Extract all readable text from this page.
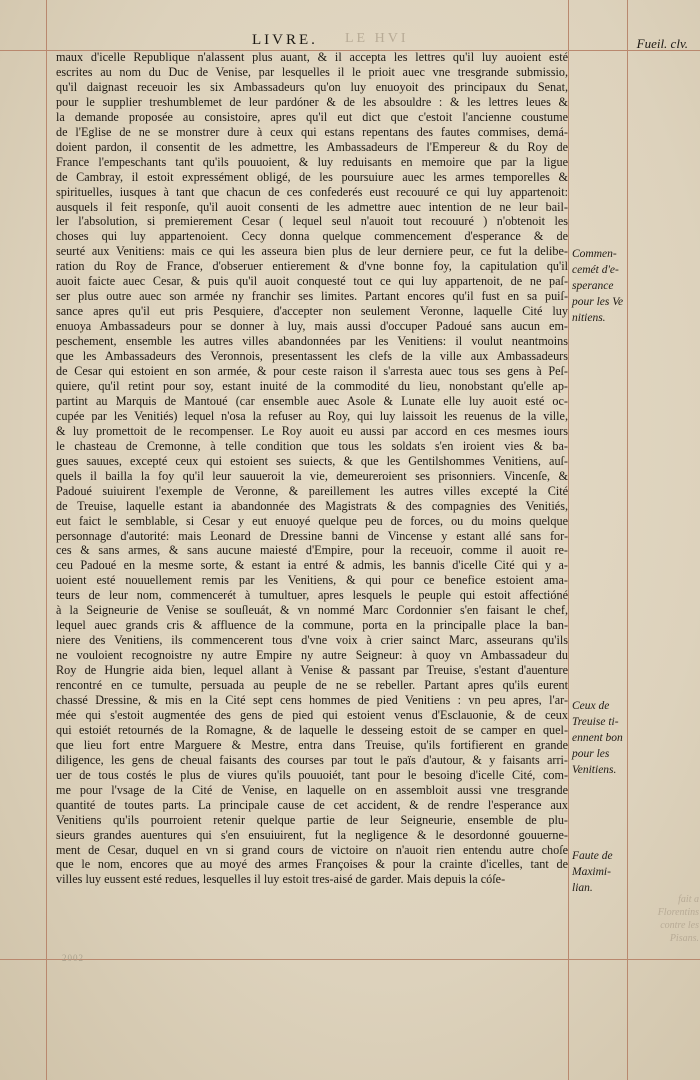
LE HVI
LIVRE.	Fueil. clv.
maux d'icelle Republique n'alassent plus auant, & il accepta les lettres qu'il luy auoient esté
escrites au nom du Duc de Venise, par lesquelles il le prioit auec vne tresgrande submissio,
qu'il daignast receuoir les six Ambassadeurs qu'on luy enuoyoit des principaux du Senat,
pour le supplier treshumblemet de leur pardóner & de les absouldre : & les lettres leues &
la demande proposée au consistoire, apres qu'il eut dict que c'estoit l'ancienne coustume
de l'Eglise de ne se monstrer dure à ceux qui estans repentans des fautes commises, demá-
doient pardon, il consentit de les admettre, les Ambassadeurs de l'Empereur & du Roy de
France l'empeschants tant qu'ils pouuoient, & luy reduisants en memoire que par la ligue
de Cambray, il estoit expressément obligé, de les poursuiure auec les armes temporelles &
spirituelles, iusques à tant que chacun de ces confederés eust recouuré ce qui luy appartenoit:
ausquels il feit responſe, qu'il auoit consenti de les admettre auec intention de ne leur bail-
ler l'absolution, si premierement Cesar ( lequel seul n'auoit tout recouuré ) n'obtenoit les
choses qui luy appartenoient. Cecy donna quelque commencement d'esperance & de
seurté aux Venitiens: mais ce qui les asseura bien plus de leur derniere peur, ce fut la delibe-
ration du Roy de France, d'obseruer entierement & d'vne bonne foy, la capitulation qu'il
auoit faicte auec Cesar, & puis qu'il auoit conquesté tout ce qui luy appartenoit, de ne paſ-
ser plus outre auec son armée ny franchir ses limites. Partant encores qu'il fust en sa puiſ-
sance apres qu'il eut pris Pesquiere, d'accepter non seulement Veronne, laquelle Cité luy
enuoya Ambassadeurs pour se donner à luy, mais aussi d'occuper Padoué sans aucun em-
peschement, ensemble les autres villes abandonnées par les Venitiens: il voulut neantmoins
que les Ambassadeurs des Veronnois, presentassent les clefs de la ville aux Ambassadeurs
de Cesar qui estoient en son armée, & pour ceste raison il s'arresta auec tous ses gens à Peſ-
quiere, qu'il retint pour soy, estant inuité de la commodité du lieu, nonobstant qu'elle ap-
partint au Marquis de Mantoué (car ensemble auec Asole & Lunate elle luy auoit esté oc-
cupée par les Venitiés) lequel n'osa la refuser au Roy, qui luy laissoit les reuenus de la ville,
& luy promettoit de le recompenser. Le Roy auoit eu aussi par accord en ces mesmes iours
le chasteau de Cremonne, à telle condition que tous les soldats s'en iroient vies & ba-
gues sauues, excepté ceux qui estoient ses suiects, & que les Gentilshommes Venitiens, auſ-
quels il bailla la foy qu'il leur sauueroit la vie, demeureroient ses prisonniers. Vincenſe, &
Padoué suiuirent l'exemple de Veronne, & pareillement les autres villes excepté la Cité
de Treuise, laquelle estant ia abandonnée des Magistrats & des compagnies des Venitiés,
eut faict le semblable, si Cesar y eut enuoyé quelque peu de forces, ou du moins quelque
personnage d'autorité: mais Leonard de Dressine banni de Vincense y estant allé sans for-
ces & sans armes, & sans aucune maiesté d'Empire, pour la receuoir, comme il auoit re-
ceu Padoué en la mesme sorte, & estant ia entré & admis, les bannis d'icelle Cité qui y a-
uoient esté nouuellement remis par les Venitiens, & qui pour ce benefice estoient ama-
teurs de leur nom, commencerét à tumultuer, apres lesquels le peuple qui estoit affectióné
à la Seigneurie de Venise se souſleuát, & vn nommé Marc Cordonnier s'en faisant le chef,
lequel auec grands cris & affluence de la commune, porta en la principalle place la ban-
niere des Venitiens, ils commencerent tous d'vne voix à crier sainct Marc, asseurans qu'ils
ne vouloient recognoistre ny autre Empire ny autre Seigneur: à quoy vn Ambassadeur du
Roy de Hungrie aida bien, lequel allant à Venise & passant par Treuise, s'estant d'auenture
rencontré en ce tumulte, persuada au peuple de ne se rebeller. Partant apres qu'ils eurent
chassé Dressine, & mis en la Cité sept cens hommes de pied Venitiens : vn peu apres, l'ar-
mée qui s'estoit augmentée des gens de pied qui estoient venus d'Esclauonie, & de ceux
qui estoiét retournés de la Romagne, & de laquelle le desseing estoit de se camper en quel-
que lieu fort entre Marguere & Mestre, entra dans Treuise, qu'ils fortifierent en grande
diligence, les gens de cheual faisants des courses par tout le païs d'autour, & y faisants arri-
uer de tous costés le plus de viures qu'ils pouuoiét, tant pour le besoing d'icelle Cité, com-
me pour l'vsage de la Cité de Venise, en laquelle on en assembloit aussi vne tresgrande
quantité de toutes parts. La principale cause de cet accident, & de rendre l'esperance aux
Venitiens qu'ils pourroient retenir quelque partie de leur Seigneurie, ensemble de plu-
sieurs grandes auentures qui s'en ensuiuirent, fut la negligence & le desordonné gouuerne-
ment de Cesar, duquel en vn si grand cours de victoire on n'auoit rien entendu autre choſe
que le nom, encores que au moyé des armes Françoises & pour la crainte d'icelles, tant de
villes luy eussent esté redues, lesquelles il luy estoit tres-aisé de garder. Mais depuis la cóſe-
Commen-
cemét d'e-
sperance
pour les Ve
nitiens.
Ceux de
Treuise ti-
ennent bon
pour les
Venitiens.
Faute de
Maximi-
lian.
fait a
Florentins
contre les
Pisans.
2002
